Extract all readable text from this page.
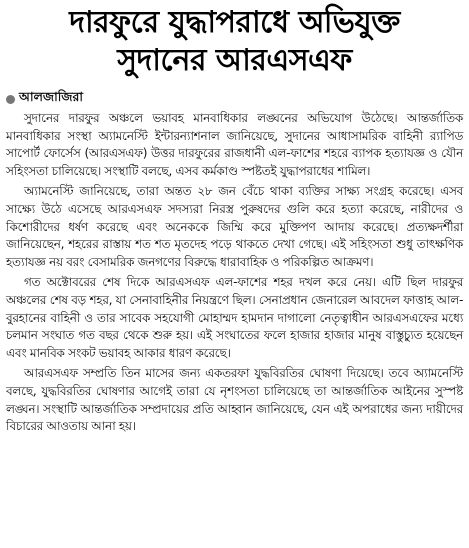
দারফুরে যুদ্ধাপরাধে অভিযুক্ত
সুদানের আরএসএফ
আলজাজিরা

সুদানের দারফুর অঞ্চলে ভয়াবহ মানবাধিকার লঙ্ঘনের অভিযোগ উঠেছে। আন্তর্জাতিক মানবাধিকার সংস্থা অ্যামনেস্টি ইন্টারন্যাশনাল জানিয়েছে, সুদানের আধাসামরিক বাহিনী র‍্যাপিড সাপোর্ট ফোর্সেস (আরএসএফ) উত্তর দারফুরের রাজধানী এল-ফাশের শহরে ব্যাপক হত্যাযজ্ঞ ও যৌন সহিংসতা চালিয়েছে। সংস্থাটি বলছে, এসব কর্মকাণ্ড স্পষ্টতই যুদ্ধাপরাধের শামিল।

অ্যামনেস্টি জানিয়েছে, তারা অন্তত ২৮ জন বেঁচে থাকা ব্যক্তির সাক্ষ্য সংগ্রহ করেছে। এসব সাক্ষ্যে উঠে এসেছে আরএসএফ সদস্যরা নিরস্ত্র পুরুষদের গুলি করে হত্যা করেছে, নারীদের ও কিশোরীদের ধর্ষণ করেছে এবং অনেককে জিম্মি করে মুক্তিপণ আদায় করেছে। প্রত্যক্ষদর্শীরা জানিয়েছেন, শহরের রাস্তায় শত শত মৃতদেহ পড়ে থাকতে দেখা গেছে। এই সহিংসতা শুধু তাৎক্ষণিক হত্যাযজ্ঞ নয় বরং বেসামরিক জনগণের বিরুদ্ধে ধারাবাহিক ও পরিকল্পিত আক্রমণ।

গত অক্টোবরের শেষ দিকে আরএসএফ এল-ফাশের শহর দখল করে নেয়। এটি ছিল দারফুর অঞ্চলের শেষ বড় শহর, যা সেনাবাহিনীর নিয়ন্ত্রণে ছিল। সেনাপ্রধান জেনারেল আবদেল ফাত্তাহ আল-বুরহানের বাহিনী ও তার সাবেক সহযোগী মোহাম্মদ হামদান দাগালো নেতৃত্বাধীন আরএসএফের মধ্যে চলমান সংঘাত গত বছর থেকে শুরু হয়। এই সংঘাতের ফলে হাজার হাজার মানুষ বাস্তুচ্যুত হয়েছেন এবং মানবিক সংকট ভয়াবহ আকার ধারণ করেছে।

আরএসএফ সম্প্রতি তিন মাসের জন্য একতরফা যুদ্ধবিরতির ঘোষণা দিয়েছে। তবে অ্যামনেস্টি বলছে, যুদ্ধবিরতির ঘোষণার আগেই তারা যে নৃশংসতা চালিয়েছে তা আন্তর্জাতিক আইনের সুস্পষ্ট লঙ্ঘন। সংস্থাটি আন্তর্জাতিক সম্প্রদায়ের প্রতি আহ্বান জানিয়েছে, যেন এই অপরাধের জন্য দায়ীদের বিচারের আওতায় আনা হয়।
